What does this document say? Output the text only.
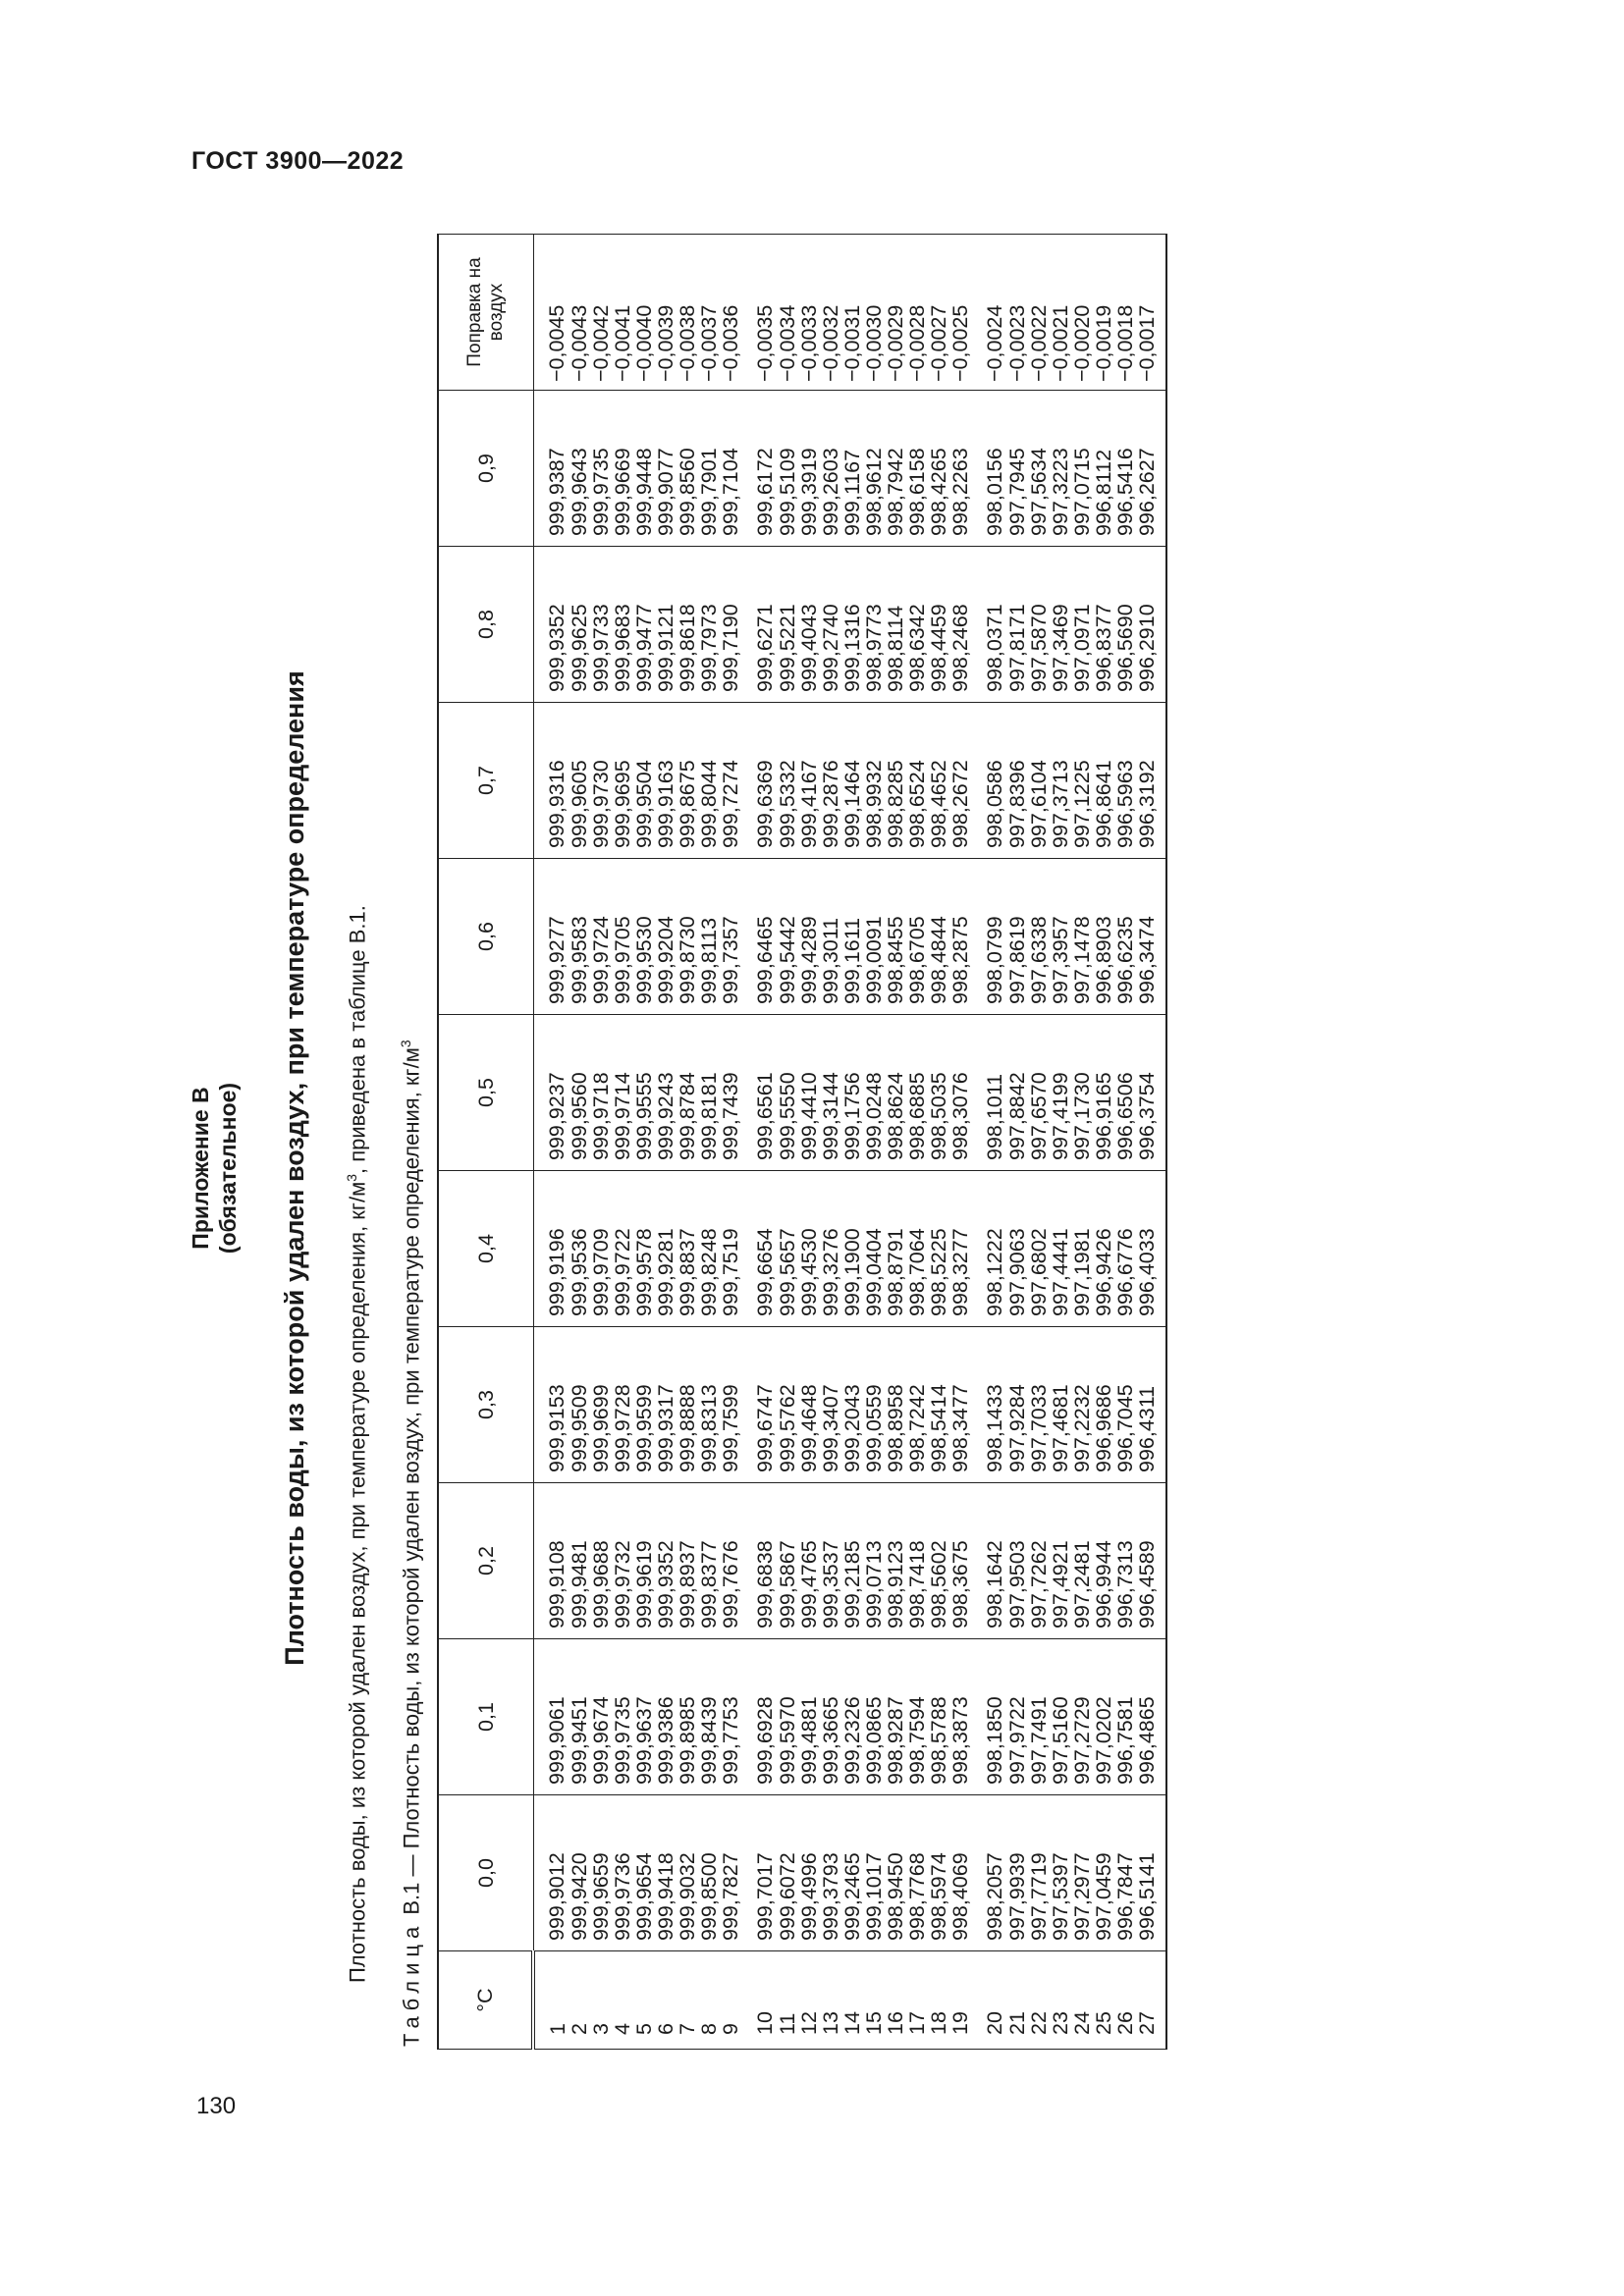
ГОСТ 3900—2022
130
Приложение В (обязательное) Плотность воды, из которой удален воздух, при температуре определения Плотность воды, из которой удален воздух, при температуре определения, $кг/м^3$, приведена в таблице В.1.
Таблица В.1 — Плотность воды, из которой удален воздух, при температуре определения, $кг/м^3$
°С	0,0	0,1	0,2	0,3	0,4	0,5	0,6	0,7	0,8	0,9	Поправка на воздух
1	999,9012	999,9061	999,9108	999,9153	999,9196	999,9237	999,9277	999,9316	999,9352	999,9387	−0,0045
2	999,9420	999,9451	999,9481	999,9509	999,9536	999,9560	999,9583	999,9605	999,9625	999,9643	−0,0043
3	999,9659	999,9674	999,9688	999,9699	999,9709	999,9718	999,9724	999,9730	999,9733	999,9735	−0,0042
4	999,9736	999,9735	999,9732	999,9728	999,9722	999,9714	999,9705	999,9695	999,9683	999,9669	−0,0041
5	999,9654	999,9637	999,9619	999,9599	999,9578	999,9555	999,9530	999,9504	999,9477	999,9448	−0,0040
6	999,9418	999,9386	999,9352	999,9317	999,9281	999,9243	999,9204	999,9163	999,9121	999,9077	−0,0039
7	999,9032	999,8985	999,8937	999,8888	999,8837	999,8784	999,8730	999,8675	999,8618	999,8560	−0,0038
8	999,8500	999,8439	999,8377	999,8313	999,8248	999,8181	999,8113	999,8044	999,7973	999,7901	−0,0037
9	999,7827	999,7753	999,7676	999,7599	999,7519	999,7439	999,7357	999,7274	999,7190	999,7104	−0,0036
10	999,7017	999,6928	999,6838	999,6747	999,6654	999,6561	999,6465	999,6369	999,6271	999,6172	−0,0035
11	999,6072	999,5970	999,5867	999,5762	999,5657	999,5550	999,5442	999,5332	999,5221	999,5109	−0,0034
12	999,4996	999,4881	999,4765	999,4648	999,4530	999,4410	999,4289	999,4167	999,4043	999,3919	−0,0033
13	999,3793	999,3665	999,3537	999,3407	999,3276	999,3144	999,3011	999,2876	999,2740	999,2603	−0,0032
14	999,2465	999,2326	999,2185	999,2043	999,1900	999,1756	999,1611	999,1464	999,1316	999,1167	−0,0031
15	999,1017	999,0865	999,0713	999,0559	999,0404	999,0248	999,0091	998,9932	998,9773	998,9612	−0,0030
16	998,9450	998,9287	998,9123	998,8958	998,8791	998,8624	998,8455	998,8285	998,8114	998,7942	−0,0029
17	998,7768	998,7594	998,7418	998,7242	998,7064	998,6885	998,6705	998,6524	998,6342	998,6158	−0,0028
18	998,5974	998,5788	998,5602	998,5414	998,5225	998,5035	998,4844	998,4652	998,4459	998,4265	−0,0027
19	998,4069	998,3873	998,3675	998,3477	998,3277	998,3076	998,2875	998,2672	998,2468	998,2263	−0,0025
20	998,2057	998,1850	998,1642	998,1433	998,1222	998,1011	998,0799	998,0586	998,0371	998,0156	−0,0024
21	997,9939	997,9722	997,9503	997,9284	997,9063	997,8842	997,8619	997,8396	997,8171	997,7945	−0,0023
22	997,7719	997,7491	997,7262	997,7033	997,6802	997,6570	997,6338	997,6104	997,5870	997,5634	−0,0022
23	997,5397	997,5160	997,4921	997,4681	997,4441	997,4199	997,3957	997,3713	997,3469	997,3223	−0,0021
24	997,2977	997,2729	997,2481	997,2232	997,1981	997,1730	997,1478	997,1225	997,0971	997,0715	−0,0020
25	997,0459	997,0202	996,9944	996,9686	996,9426	996,9165	996,8903	996,8641	996,8377	996,8112	−0,0019
26	996,7847	996,7581	996,7313	996,7045	996,6776	996,6506	996,6235	996,5963	996,5690	996,5416	−0,0018
27	996,5141	996,4865	996,4589	996,4311	996,4033	996,3754	996,3474	996,3192	996,2910	996,2627	−0,0017
